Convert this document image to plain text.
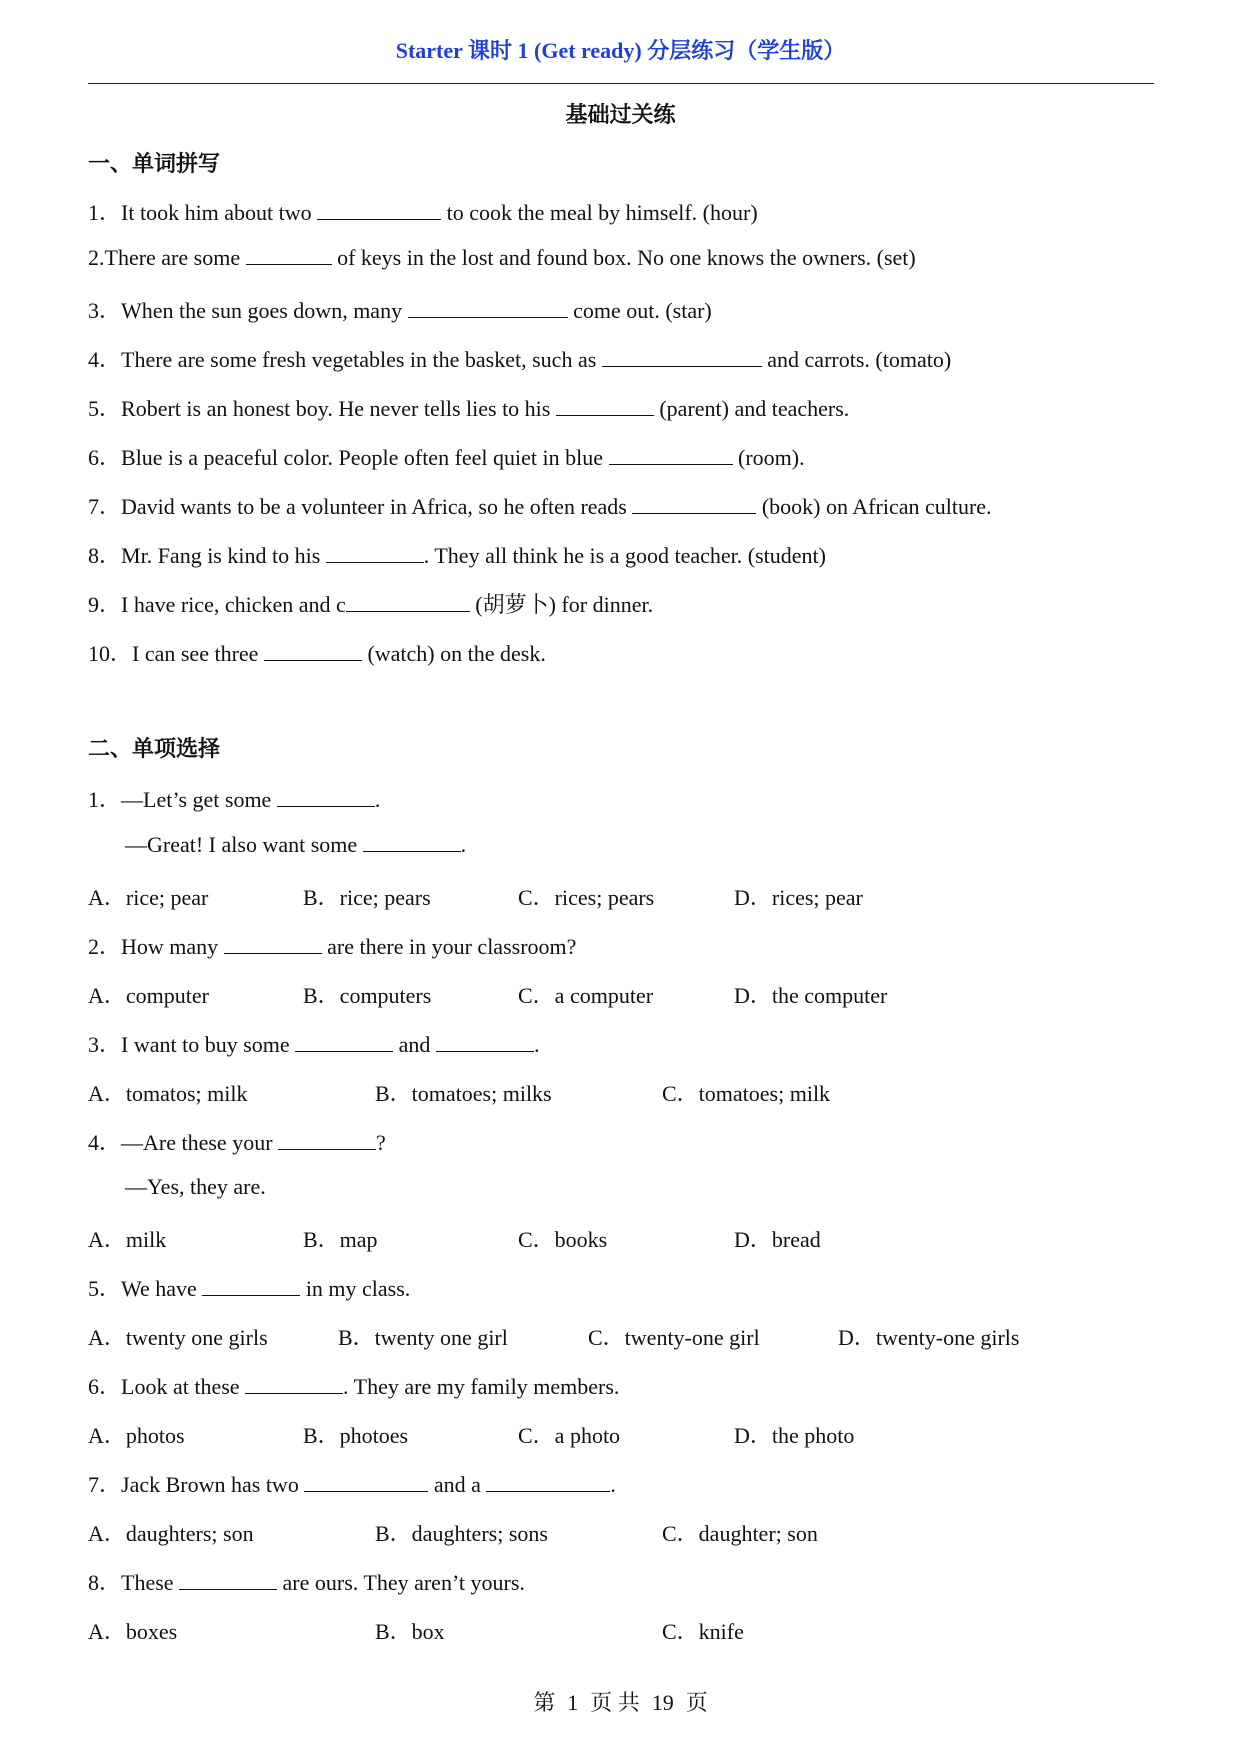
Starter 课时 1 (Get ready) 分层练习（学生版）
基础过关练
一、单词拼写
1．It took him about two	to cook the meal by himself. (hour)
2.There are some	of keys in the lost and found box. No one knows the owners. (set)
3．When the sun goes down, many	come out. (star)
4．There are some fresh vegetables in the basket, such as	and carrots. (tomato)
5．Robert is an honest boy. He never tells lies to his	(parent) and teachers.
6．Blue is a peaceful color. People often feel quiet in blue	(room).
7．David wants to be a volunteer in Africa, so he often reads	(book) on African culture.
8．Mr. Fang is kind to his	. They all think he is a good teacher. (student)
9．I have rice, chicken and c	(胡萝卜) for dinner.
10．I can see three	(watch) on the desk.
二、单项选择
1．—Let’s get some	.
—Great! I also want some	.
A．rice; pear	B．rice; pears	C．rices; pears	D．rices; pear
2．How many	are there in your classroom?
A．computer	B．computers	C．a computer	D．the computer
3．I want to buy some	and	.
A．tomatos; milk	B．tomatoes; milks	C．tomatoes; milk
4．—Are these your	?
—Yes, they are.
A．milk	B．map	C．books	D．bread
5．We have	in my class.
A．twenty one girls	B．twenty one girl	C．twenty-one girl	D．twenty-one girls
6．Look at these	. They are my family members.
A．photos	B．photoes	C．a photo	D．the photo
7．Jack Brown has two	and a	.
A．daughters; son	B．daughters; sons	C．daughter; son
8．These	are ours. They aren’t yours.
A．boxes	B．box	C．knife
第 1 页 共 19 页
